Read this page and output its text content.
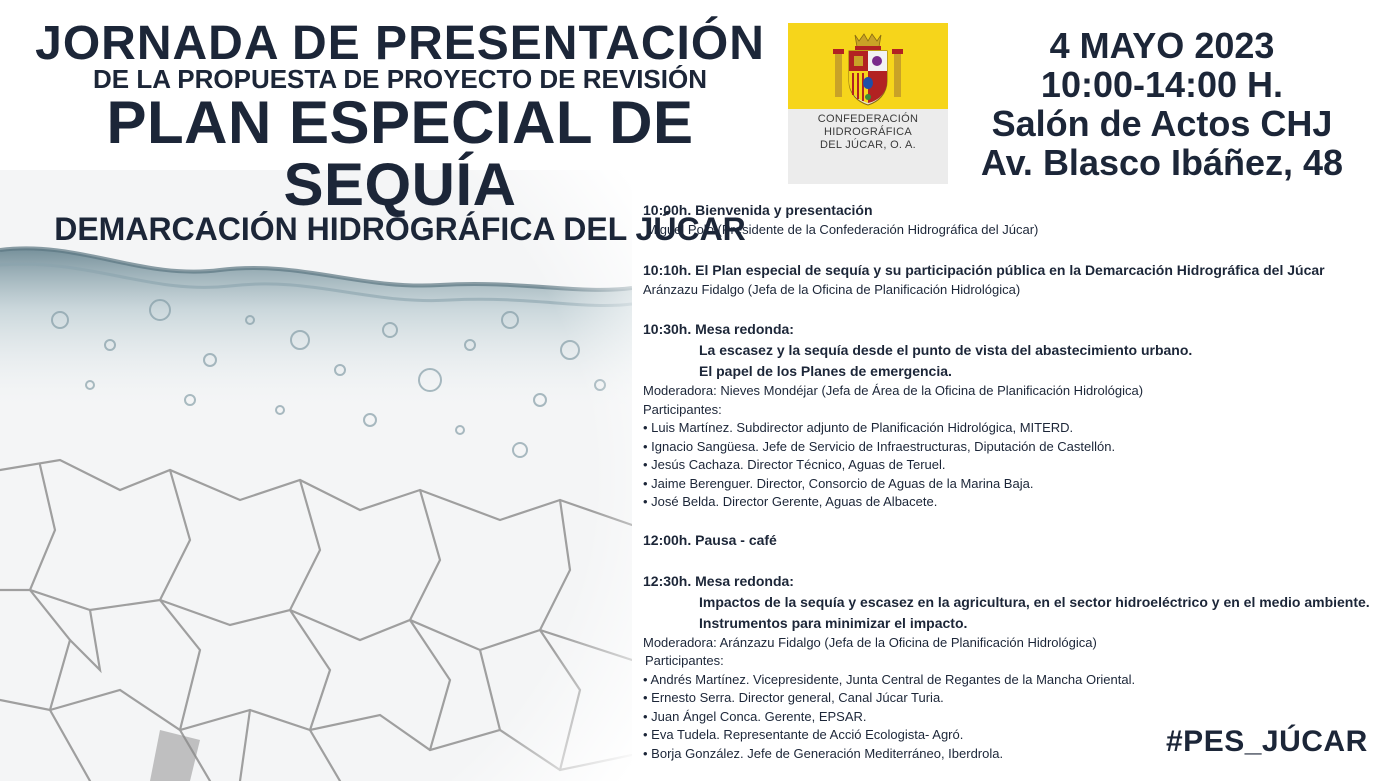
JORNADA DE PRESENTACIÓN
DE LA PROPUESTA DE PROYECTO DE REVISIÓN
PLAN ESPECIAL DE SEQUÍA
DEMARCACIÓN HIDROGRÁFICA DEL JÚCAR
CONFEDERACIÓN
HIDROGRÁFICA
DEL JÚCAR, O. A.
4 MAYO 2023
10:00-14:00 H.
Salón de Actos CHJ
Av. Blasco Ibáñez, 48
10:00h. Bienvenida y presentación
Miguel Polo (Presidente de la Confederación Hidrográfica del Júcar)
10:10h. El Plan especial de sequía y su participación pública en la Demarcación Hidrográfica del Júcar
Aránzazu Fidalgo (Jefa de la Oficina de Planificación Hidrológica)
10:30h. Mesa redonda:
La escasez y la sequía desde el punto de vista del abastecimiento urbano.
El papel de los Planes de emergencia.
Moderadora: Nieves Mondéjar (Jefa de Área de la Oficina de Planificación Hidrológica)
Participantes:
• Luis Martínez. Subdirector adjunto de Planificación Hidrológica, MITERD.
• Ignacio Sangüesa. Jefe de Servicio de Infraestructuras, Diputación de Castellón.
• Jesús Cachaza. Director Técnico, Aguas de Teruel.
• Jaime Berenguer. Director, Consorcio de Aguas de la Marina Baja.
• José Belda. Director Gerente, Aguas de Albacete.
12:00h. Pausa - café
12:30h. Mesa redonda:
Impactos de la sequía y escasez en la agricultura, en el sector hidroeléctrico y en el medio ambiente.
Instrumentos para minimizar el impacto.
Moderadora: Aránzazu Fidalgo (Jefa de la Oficina de Planificación Hidrológica)
Participantes:
• Andrés Martínez. Vicepresidente, Junta Central de Regantes de la Mancha Oriental.
• Ernesto Serra. Director general, Canal Júcar Turia.
• Juan Ángel Conca. Gerente, EPSAR.
• Eva Tudela. Representante de Acció Ecologista- Agró.
• Borja González. Jefe de Generación Mediterráneo, Iberdrola.	#PES_JÚCAR
